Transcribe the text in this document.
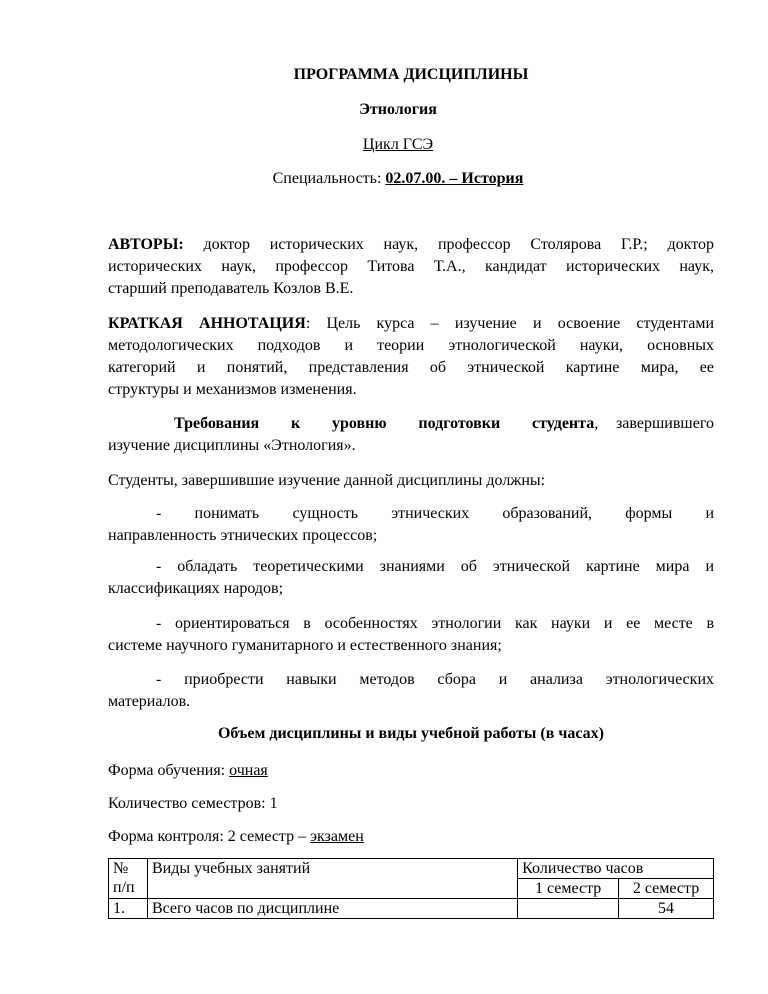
ПРОГРАММА ДИСЦИПЛИНЫ
Этнология
Цикл ГСЭ
Специальность: 02.07.00. – История
АВТОРЫ: доктор исторических наук, профессор Столярова Г.Р.; доктор
исторических наук, профессор Титова Т.А., кандидат исторических наук,
старший преподаватель Козлов В.Е.
КРАТКАЯ АННОТАЦИЯ: Цель курса – изучение и освоение студентами
методологических подходов и теории этнологической науки, основных
категорий и понятий, представления об этнической картине мира, ее
структуры и механизмов изменения.
Требования к уровню подготовки студента, завершившего
изучение дисциплины «Этнология».
Студенты, завершившие изучение данной дисциплины должны:
- понимать сущность этнических образований, формы и
направленность этнических процессов;
- обладать теоретическими знаниями об этнической картине мира и
классификациях народов;
- ориентироваться в особенностях этнологии как науки и ее месте в
системе научного гуманитарного и естественного знания;
- приобрести навыки методов сбора и анализа этнологических
материалов.
Объем дисциплины и виды учебной работы (в часах)
Форма обучения: очная
Количество семестров: 1
Форма контроля: 2 семестр – экзамен
№
п/п	Виды учебных занятий	Количество часов	
		1 семестр	2 семестр
1.	Всего часов по дисциплине		54
